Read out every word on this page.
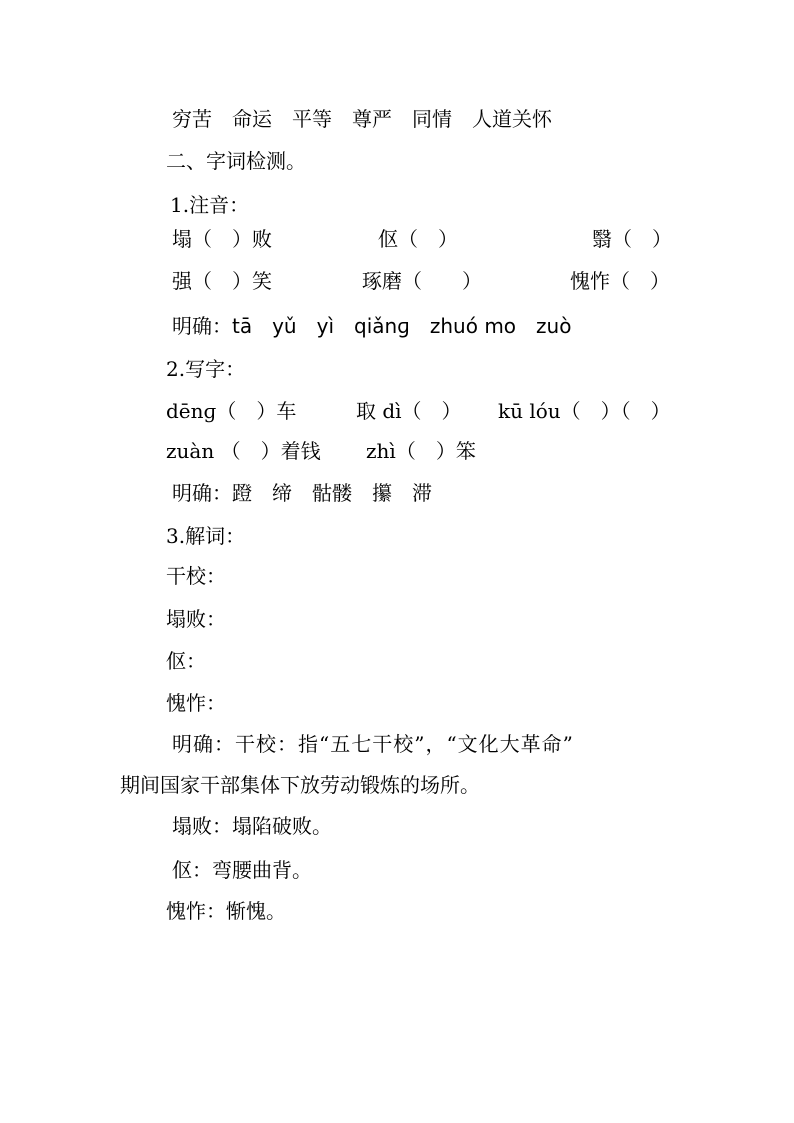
穷苦　命运　平等　尊严　同情　人道关怀
二、字词检测。
1.注音：
塌（　）败	伛（　）	翳（　）
强（　）笑	琢磨（　　）	愧怍（　）
明确：tā　yǔ　yì　qiǎnɡ　zhuó mo　zuò
2.写字：
dēnɡ（　）车	取 dì（　） kū lóu（　）（　）
zuàn （　）着钱 zhì（　）笨
明确：蹬　缔　骷髅　攥　滞
3.解词：
干校：
塌败：
伛：
愧怍：
明确：干校：指“五七干校”，“文化大革命”
期间国家干部集体下放劳动锻炼的场所。
塌败：塌陷破败。
伛：弯腰曲背。
愧怍：惭愧。
